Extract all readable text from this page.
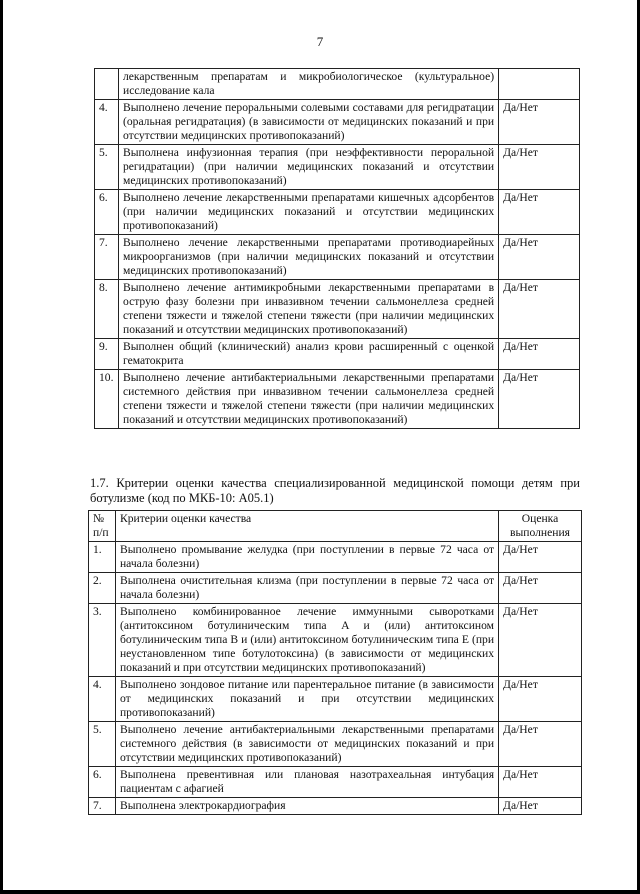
7
	лекарственным препаратам и микробиологическое (культуральное) исследование кала	
4.	Выполнено лечение пероральными солевыми составами для регидратации (оральная регидратация) (в зависимости от медицинских показаний и при отсутствии медицинских противопоказаний)	Да/Нет
5.	Выполнена инфузионная терапия (при неэффективности пероральной регидратации) (при наличии медицинских показаний и отсутствии медицинских противопоказаний)	Да/Нет
6.	Выполнено лечение лекарственными препаратами кишечных адсорбентов (при наличии медицинских показаний и отсутствии медицинских противопоказаний)	Да/Нет
7.	Выполнено лечение лекарственными препаратами противодиарейных микроорганизмов (при наличии медицинских показаний и отсутствии медицинских противопоказаний)	Да/Нет
8.	Выполнено лечение антимикробными лекарственными препаратами в острую фазу болезни при инвазивном течении сальмонеллеза средней степени тяжести и тяжелой степени тяжести (при наличии медицинских показаний и отсутствии медицинских противопоказаний)	Да/Нет
9.	Выполнен общий (клинический) анализ крови расширенный с оценкой гематокрита	Да/Нет
10.	Выполнено лечение антибактериальными лекарственными препаратами системного действия при инвазивном течении сальмонеллеза средней степени тяжести и тяжелой степени тяжести (при наличии медицинских показаний и отсутствии медицинских противопоказаний)	Да/Нет
1.7. Критерии оценки качества специализированной медицинской помощи детям при ботулизме (код по МКБ-10: A05.1)
№ п/п	Критерии оценки качества	Оценка выполнения
1.	Выполнено промывание желудка (при поступлении в первые 72 часа от начала болезни)	Да/Нет
2.	Выполнена очистительная клизма (при поступлении в первые 72 часа от начала болезни)	Да/Нет
3.	Выполнено комбинированное лечение иммунными сыворотками (антитоксином ботулиническим типа A и (или) антитоксином ботулиническим типа B и (или) антитоксином ботулиническим типа E (при неустановленном типе ботулотоксина) (в зависимости от медицинских показаний и при отсутствии медицинских противопоказаний)	Да/Нет
4.	Выполнено зондовое питание или парентеральное питание (в зависимости от медицинских показаний и при отсутствии медицинских противопоказаний)	Да/Нет
5.	Выполнено лечение антибактериальными лекарственными препаратами системного действия (в зависимости от медицинских показаний и при отсутствии медицинских противопоказаний)	Да/Нет
6.	Выполнена превентивная или плановая назотрахеальная интубация пациентам с афагией	Да/Нет
7.	Выполнена электрокардиография	Да/Нет
